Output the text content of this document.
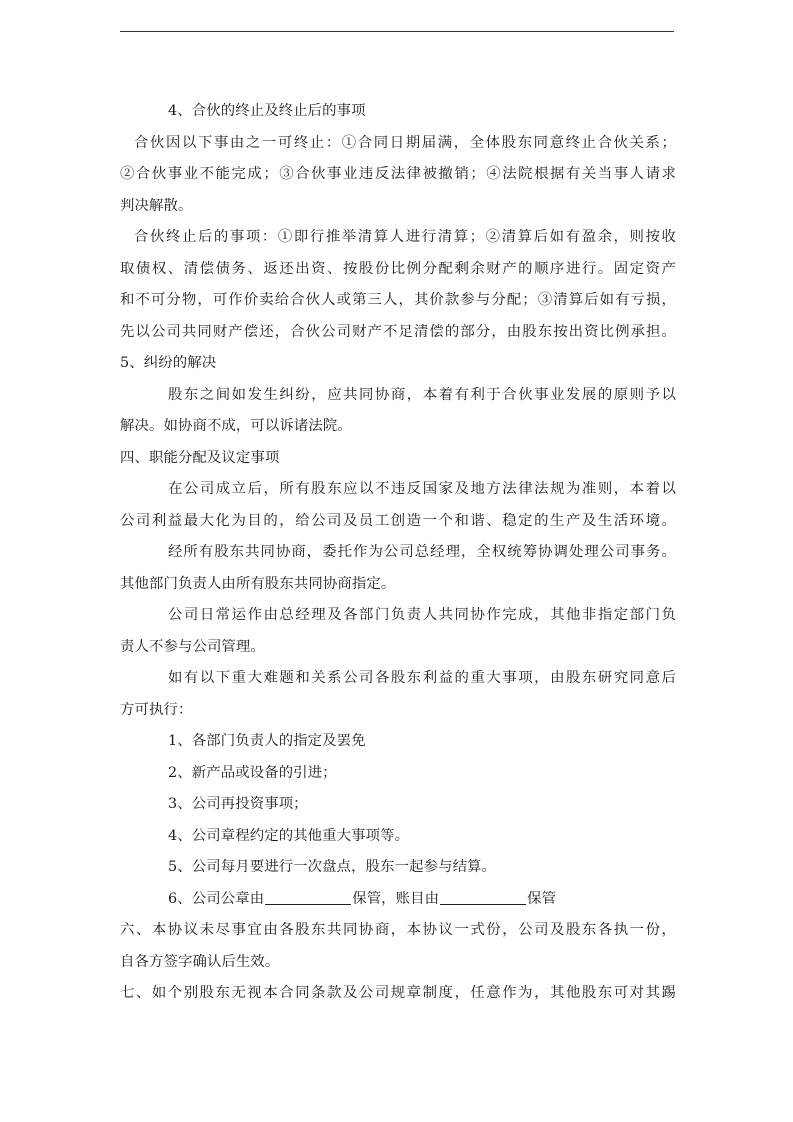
4、合伙的终止及终止后的事项
合伙因以下事由之一可终止：①合同日期届满，全体股东同意终止合伙关系；
②合伙事业不能完成；③合伙事业违反法律被撤销；④法院根据有关当事人请求
判决解散。
合伙终止后的事项：①即行推举清算人进行清算；②清算后如有盈余，则按收
取债权、清偿债务、返还出资、按股份比例分配剩余财产的顺序进行。固定资产
和不可分物，可作价卖给合伙人或第三人，其价款参与分配；③清算后如有亏损，
先以公司共同财产偿还，合伙公司财产不足清偿的部分，由股东按出资比例承担。
5、纠纷的解决
股东之间如发生纠纷，应共同协商，本着有利于合伙事业发展的原则予以
解决。如协商不成，可以诉诸法院。
四、职能分配及议定事项
在公司成立后，所有股东应以不违反国家及地方法律法规为准则，本着以
公司利益最大化为目的，给公司及员工创造一个和谐、稳定的生产及生活环境。
经所有股东共同协商，委托作为公司总经理，全权统筹协调处理公司事务。
其他部门负责人由所有股东共同协商指定。
公司日常运作由总经理及各部门负责人共同协作完成，其他非指定部门负
责人不参与公司管理。
如有以下重大难题和关系公司各股东利益的重大事项，由股东研究同意后
方可执行：
1、各部门负责人的指定及罢免
2、新产品或设备的引进；
3、公司再投资事项；
4、公司章程约定的其他重大事项等。
5、公司每月要进行一次盘点，股东一起参与结算。
6、公司公章由	保管，账目由	保管
六、本协议未尽事宜由各股东共同协商，本协议一式份，公司及股东各执一份，
自各方签字确认后生效。
七、如个别股东无视本合同条款及公司规章制度，任意作为，其他股东可对其踢
